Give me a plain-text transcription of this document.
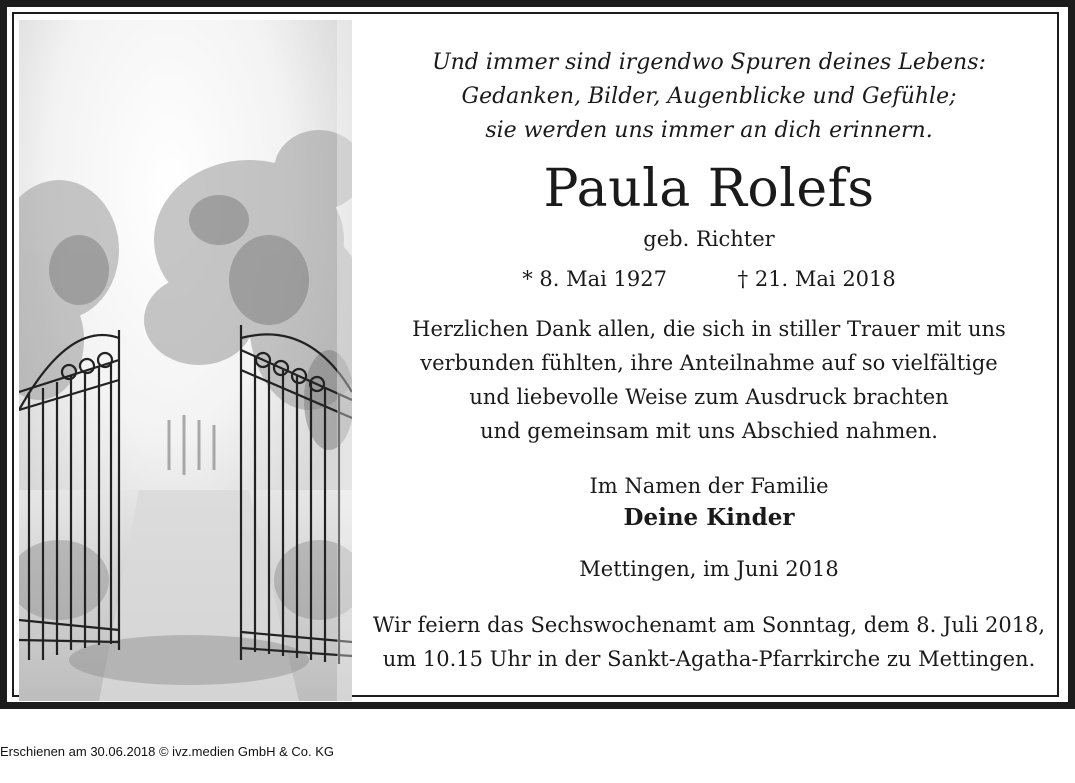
Und immer sind irgendwo Spuren deines Lebens:
Gedanken, Bilder, Augenblicke und Gefühle;
sie werden uns immer an dich erinnern.
Paula Rolefs
geb. Richter
* 8. Mai 1927	† 21. Mai 2018
Herzlichen Dank allen, die sich in stiller Trauer mit uns
verbunden fühlten, ihre Anteilnahme auf so vielfältige
und liebevolle Weise zum Ausdruck brachten
und gemeinsam mit uns Abschied nahmen.
Im Namen der Familie
Deine Kinder
Mettingen, im Juni 2018
Wir feiern das Sechswochenamt am Sonntag, dem 8. Juli 2018,
um 10.15 Uhr in der Sankt-Agatha-Pfarrkirche zu Mettingen.
Erschienen am 30.06.2018 © ivz.medien GmbH & Co. KG
